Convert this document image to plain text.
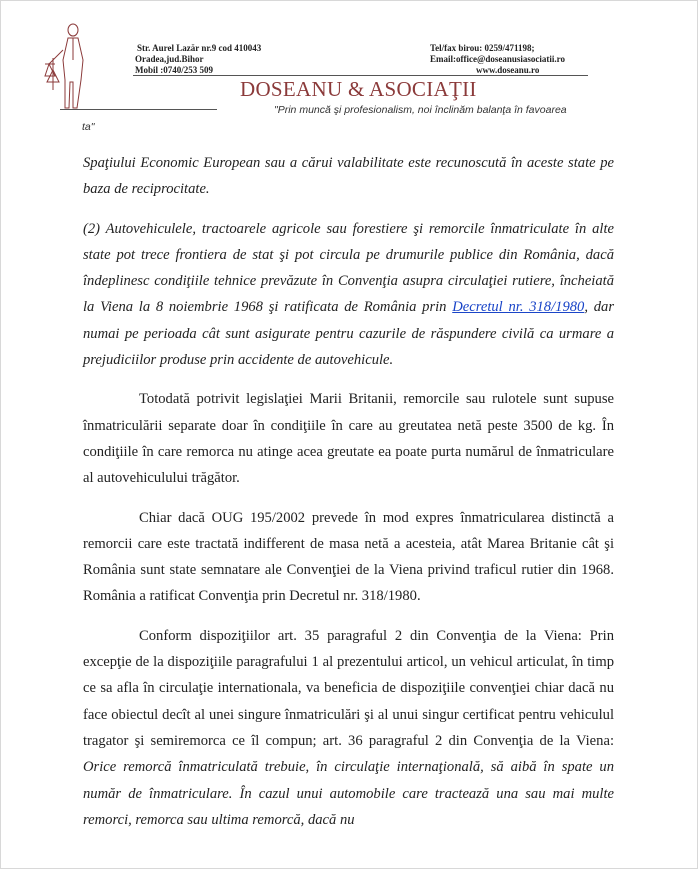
Str. Aurel Lazăr nr.9 cod 410043
Oradea,jud.Bihor
Mobil :0740/253 509
Tel/fax birou: 0259/471198;
Email:office@doseanusiasociatii.ro
www.doseanu.ro
DOSEANU & ASOCIAŢII
"Prin muncă şi profesionalism, noi înclinăm balanţa în favoarea
ta"

Spaţiului Economic European sau a cărui valabilitate este recunoscută în aceste state pe baza de reciprocitate.

(2) Autovehiculele, tractoarele agricole sau forestiere şi remorcile înmatriculate în alte state pot trece frontiera de stat şi pot circula pe drumurile publice din România, dacă îndeplinesc condiţiile tehnice prevăzute în Convenţia asupra circulaţiei rutiere, încheiată la Viena la 8 noiembrie 1968 şi ratificata de România prin Decretul nr. 318/1980, dar numai pe perioada cât sunt asigurate pentru cazurile de răspundere civilă ca urmare a prejudiciilor produse prin accidente de autovehicule.

Totodată potrivit legislaţiei Marii Britanii, remorcile sau rulotele sunt supuse înmatriculării separate doar în condiţiile în care au greutatea netă peste 3500 de kg. În condiţiile în care remorca nu atinge acea greutate ea poate purta numărul de înmatriculare al autovehiculului trăgător.

Chiar dacă OUG 195/2002 prevede în mod expres înmatricularea distinctă a remorcii care este tractată indifferent de masa netă a acesteia, atât Marea Britanie cât şi România sunt state semnatare ale Convenţiei de la Viena privind traficul rutier din 1968. România a ratificat Convenţia prin Decretul nr. 318/1980.

Conform dispoziţiilor art. 35 paragraful 2 din Convenţia de la Viena: Prin excepţie de la dispoziţiile paragrafului 1 al prezentului articol, un vehicul articulat, în timp ce sa afla în circulaţie internationala, va beneficia de dispoziţiile convenţiei chiar dacă nu face obiectul decît al unei singure înmatriculări şi al unui singur certificat pentru vehiculul tragator şi semiremorca ce îl compun; art. 36 paragraful 2 din Convenţia de la Viena: Orice remorcă înmatriculată trebuie, în circulaţie internaţională, să aibă în spate un număr de înmatriculare. În cazul unui automobile care tractează una sau mai multe remorci, remorca sau ultima remorcă, dacă nu
